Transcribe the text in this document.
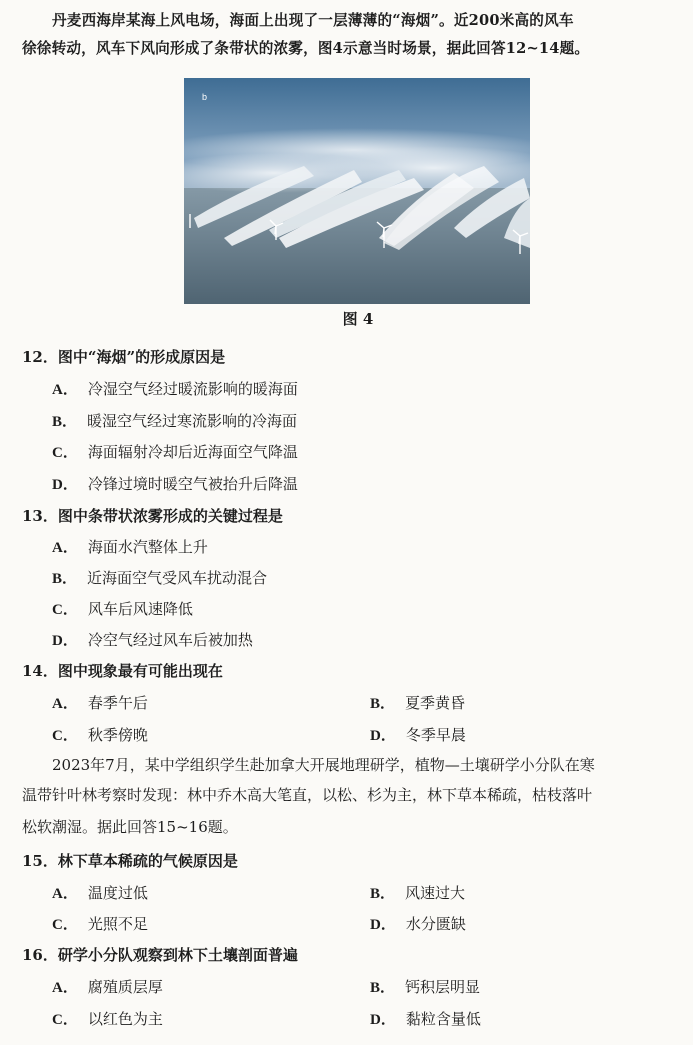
丹麦西海岸某海上风电场，海面上出现了一层薄薄的“海烟”。近200米高的风车
徐徐转动，风车下风向形成了条带状的浓雾，图4示意当时场景，据此回答12~14题。
b
图 4
12．图中“海烟”的形成原因是
A． 冷湿空气经过暖流影响的暖海面
B． 暖湿空气经过寒流影响的冷海面
C． 海面辐射冷却后近海面空气降温
D． 冷锋过境时暖空气被抬升后降温
13．图中条带状浓雾形成的关键过程是
A． 海面水汽整体上升
B． 近海面空气受风车扰动混合
C． 风车后风速降低
D． 冷空气经过风车后被加热
14．图中现象最有可能出现在
A． 春季午后	B． 夏季黄昏
C． 秋季傍晚	D． 冬季早晨
2023年7月，某中学组织学生赴加拿大开展地理研学，植物—土壤研学小分队在寒
温带针叶林考察时发现：林中乔木高大笔直，以松、杉为主，林下草本稀疏，枯枝落叶
松软潮湿。据此回答15~16题。
15．林下草本稀疏的气候原因是
A． 温度过低	B． 风速过大
C． 光照不足	D． 水分匮缺
16．研学小分队观察到林下土壤剖面普遍
A． 腐殖质层厚	B． 钙积层明显
C． 以红色为主	D． 黏粒含量低
